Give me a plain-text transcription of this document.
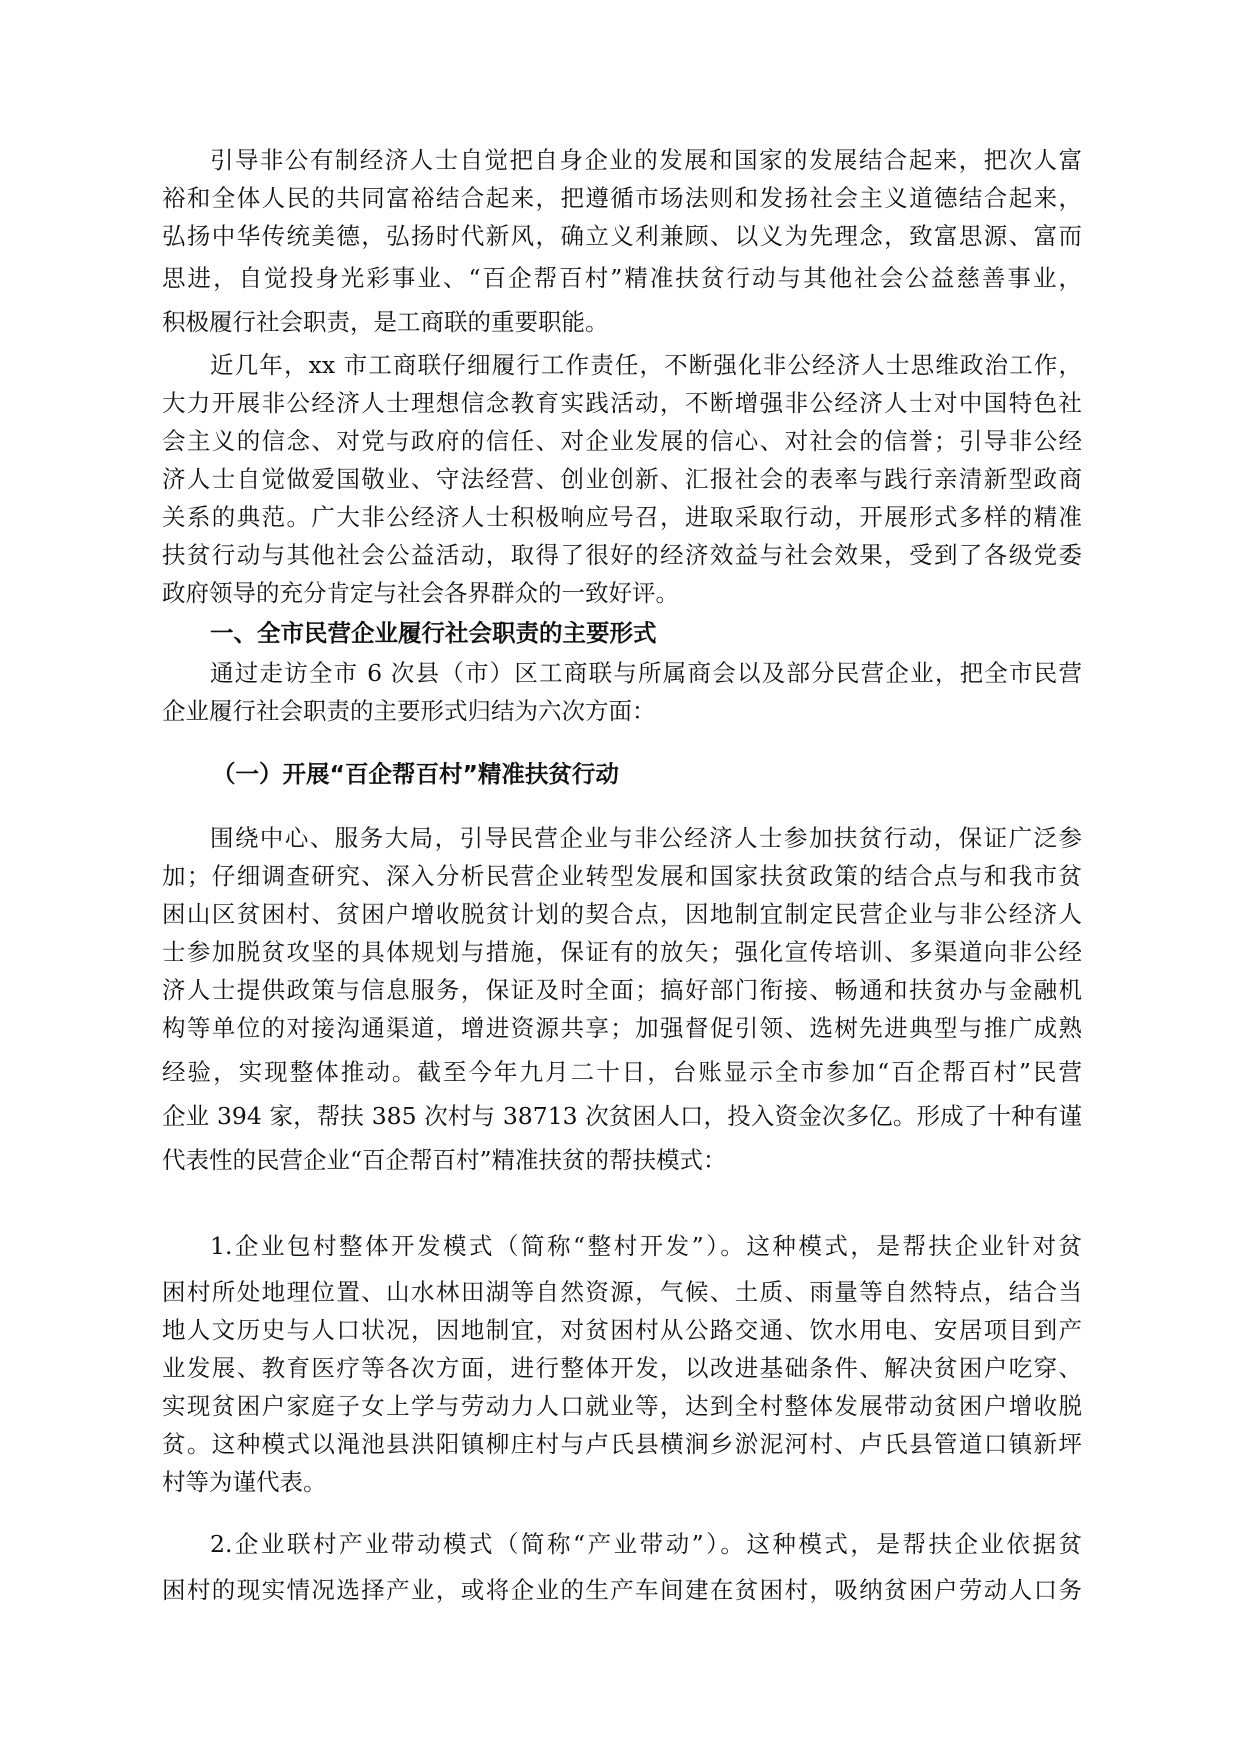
引导非公有制经济人士自觉把自身企业的发展和国家的发展结合起来，把次人富
裕和全体人民的共同富裕结合起来，把遵循市场法则和发扬社会主义道德结合起来，
弘扬中华传统美德，弘扬时代新风，确立义利兼顾、以义为先理念，致富思源、富而
思进，自觉投身光彩事业、“百企帮百村”精准扶贫行动与其他社会公益慈善事业，
积极履行社会职责，是工商联的重要职能。
近几年，xx 市工商联仔细履行工作责任，不断强化非公经济人士思维政治工作，
大力开展非公经济人士理想信念教育实践活动，不断增强非公经济人士对中国特色社
会主义的信念、对党与政府的信任、对企业发展的信心、对社会的信誉；引导非公经
济人士自觉做爱国敬业、守法经营、创业创新、汇报社会的表率与践行亲清新型政商
关系的典范。广大非公经济人士积极响应号召，进取采取行动，开展形式多样的精准
扶贫行动与其他社会公益活动，取得了很好的经济效益与社会效果，受到了各级党委
政府领导的充分肯定与社会各界群众的一致好评。
一、全市民营企业履行社会职责的主要形式
通过走访全市 6 次县（市）区工商联与所属商会以及部分民营企业，把全市民营
企业履行社会职责的主要形式归结为六次方面：
（一）开展“百企帮百村”精准扶贫行动
围绕中心、服务大局，引导民营企业与非公经济人士参加扶贫行动，保证广泛参
加；仔细调查研究、深入分析民营企业转型发展和国家扶贫政策的结合点与和我市贫
困山区贫困村、贫困户增收脱贫计划的契合点，因地制宜制定民营企业与非公经济人
士参加脱贫攻坚的具体规划与措施，保证有的放矢；强化宣传培训、多渠道向非公经
济人士提供政策与信息服务，保证及时全面；搞好部门衔接、畅通和扶贫办与金融机
构等单位的对接沟通渠道，增进资源共享；加强督促引领、选树先进典型与推广成熟
经验，实现整体推动。截至今年九月二十日，台账显示全市参加“百企帮百村”民营
企业 394 家，帮扶 385 次村与 38713 次贫困人口，投入资金次多亿。形成了十种有谨
代表性的民营企业“百企帮百村”精准扶贫的帮扶模式：
1.企业包村整体开发模式（简称“整村开发”）。这种模式，是帮扶企业针对贫
困村所处地理位置、山水林田湖等自然资源，气候、土质、雨量等自然特点，结合当
地人文历史与人口状况，因地制宜，对贫困村从公路交通、饮水用电、安居项目到产
业发展、教育医疗等各次方面，进行整体开发，以改进基础条件、解决贫困户吃穿、
实现贫困户家庭子女上学与劳动力人口就业等，达到全村整体发展带动贫困户增收脱
贫。这种模式以渑池县洪阳镇柳庄村与卢氏县横涧乡淤泥河村、卢氏县管道口镇新坪
村等为谨代表。
2.企业联村产业带动模式（简称“产业带动”）。这种模式，是帮扶企业依据贫
困村的现实情况选择产业，或将企业的生产车间建在贫困村，吸纳贫困户劳动人口务
